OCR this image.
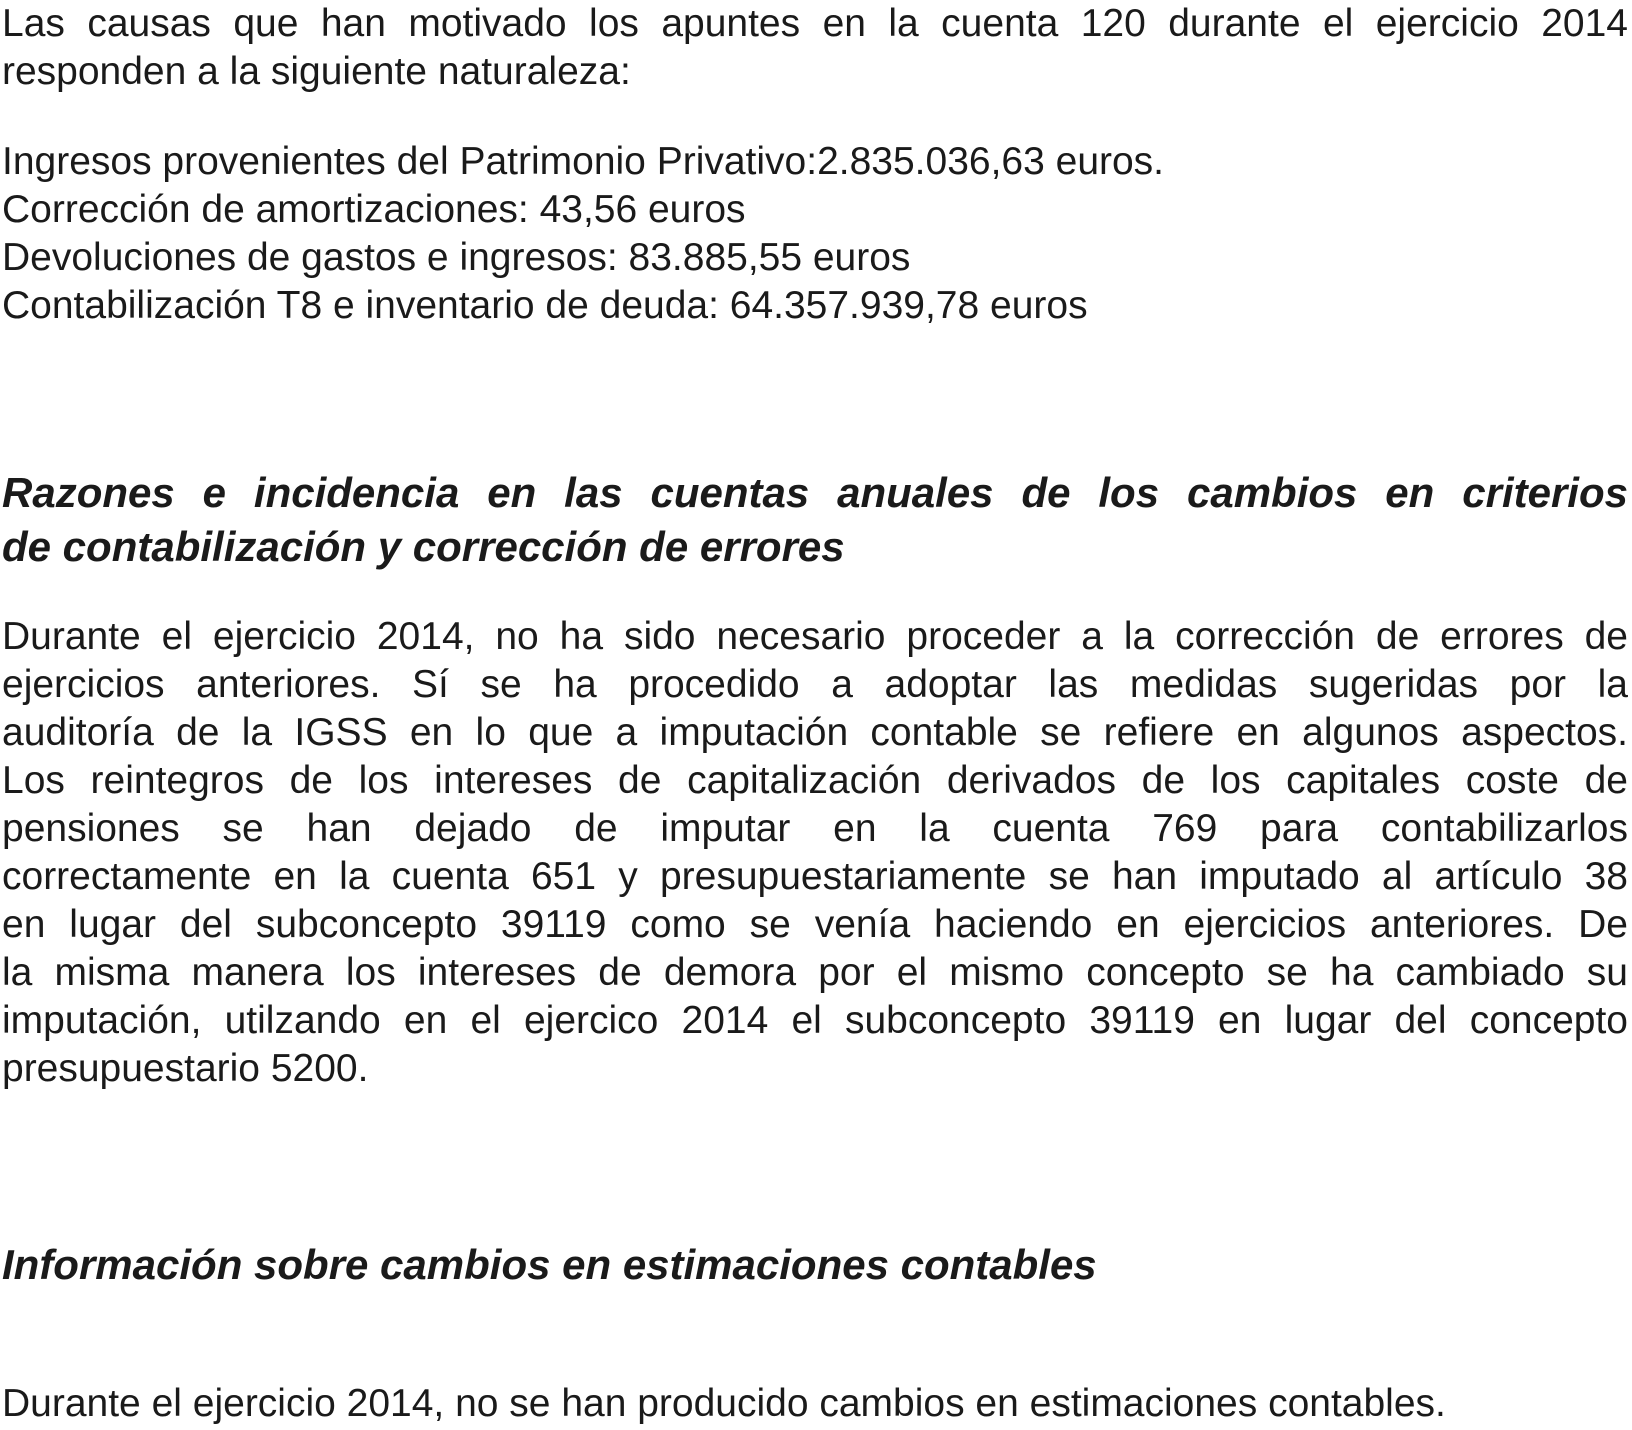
Las causas que han motivado los apuntes en la cuenta 120 durante el ejercicio 2014
responden a la siguiente naturaleza:

Ingresos provenientes del Patrimonio Privativo:2.835.036,63 euros.
Corrección de amortizaciones: 43,56 euros
Devoluciones de gastos e ingresos: 83.885,55 euros
Contabilización T8 e inventario de deuda: 64.357.939,78 euros
Razones e incidencia en las cuentas anuales de los cambios en criterios
de contabilización y corrección de errores

Durante el ejercicio 2014, no ha sido necesario proceder a la corrección de errores de
ejercicios anteriores. Sí se ha procedido a adoptar las medidas sugeridas por la
auditoría de la IGSS en lo que a imputación contable se refiere en algunos aspectos.
Los reintegros de los intereses de capitalización derivados de los capitales coste de
pensiones se han dejado de imputar en la cuenta 769 para contabilizarlos
correctamente en la cuenta 651 y presupuestariamente se han imputado al artículo 38
en lugar del subconcepto 39119 como se venía haciendo en ejercicios anteriores. De
la misma manera los intereses de demora por el mismo concepto se ha cambiado su
imputación, utilzando en el ejercico 2014 el subconcepto 39119 en lugar del concepto
presupuestario 5200.

Información sobre cambios en estimaciones contables

Durante el ejercicio 2014, no se han producido cambios en estimaciones contables.
